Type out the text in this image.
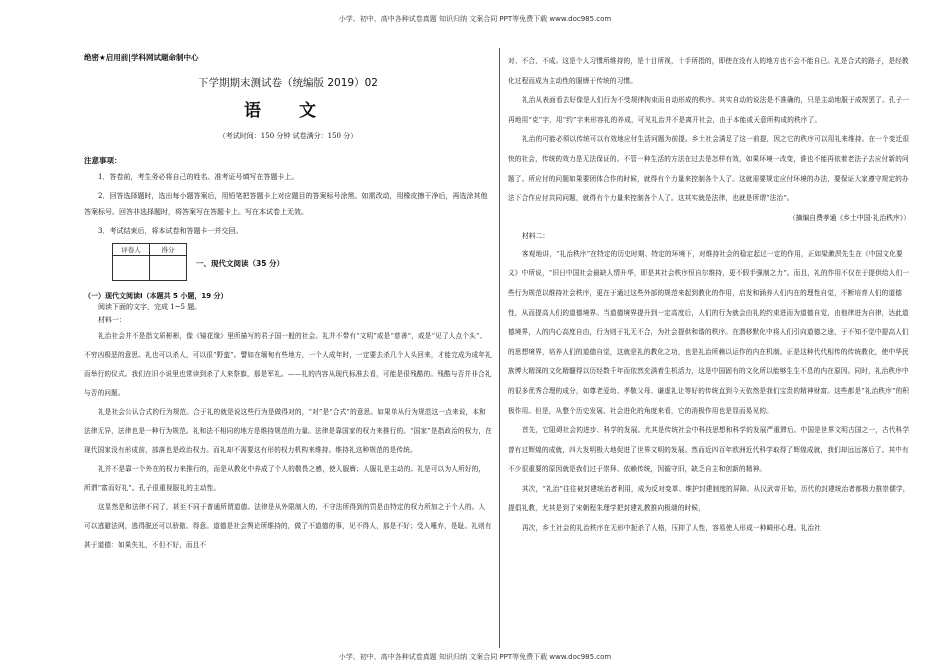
小学、初中、高中各种试卷真题 知识归纳 文案合同 PPT等免费下载 www.doc985.com
绝密★启用前|学科网试题命制中心
下学期期末测试卷（统编版 2019）02
语 文
（考试时间：150 分钟 试卷满分：150 分）
注意事项：

1．答卷前，考生务必将自己的姓名、准考证号填写在答题卡上。

2．回答选择题时，选出每小题答案后，用铅笔把答题卡上对应题目的答案标号涂黑。如需改动，用橡皮擦干净后，再选涂其他答案标号。回答非选择题时，将答案写在答题卡上。写在本试卷上无效。

3．考试结束后，将本试卷和答题卡一并交回。

评卷人	得分

一、现代文阅读（35 分）
（一）现代文阅读Ⅰ（本题共 5 小题，19 分）

阅读下面的文字，完成 1~5 题。

材料一：

礼治社会并不是指文质彬彬，像《镜花缘》里所描写的君子国一般的社会。礼并不带有“文明”或是“慈善”，或是“见了人点个头”、不穷凶极恶的意思。礼也可以杀人，可以很“野蛮”。譬如在缅甸有些地方，一个人成年时，一定要去杀几个人头回来，才能完成为成年礼而举行的仪式。我们在旧小说里也常读到杀了人来祭旗，那是军礼。——礼的内容从现代标准去看，可能是很残酷的。残酷与否并非合礼与否的问题。

礼是社会公认合式的行为规范。合于礼的就是说这些行为是做得对的，“对”是“合式”的意思。如果单从行为规范这一点来说，本和法律无异，法律也是一种行为规范。礼和法不相同的地方是维持规范的力量。法律是靠国家的权力来推行的。“国家”是指政治的权力，在现代国家没有形成前，部落也是政治权力。而礼却不需要这有形的权力机构来维持。维持礼这种规范的是传统。

礼并不是靠一个外在的权力来推行的，而是从教化中养成了个人的敬畏之感，使人服膺；人服礼是主动的。礼是可以为人所好的，所谓“富而好礼”。孔子很重视服礼的主动性。

这显然是和法律不同了，甚至不同于普通所谓道德。法律是从外限制人的，不守法所得到的罚是由特定的权力所加之于个人的。人可以逃避法网，逃得脱还可以骄傲、得意。道德是社会舆论所维持的，做了不道德的事，见不得人，那是不好；受人唾弃，是耻。礼则有甚于道德：如果失礼，不但不好，而且不

对、不合、不成。这是个人习惯所维持的，是十目所视，十手所指的，即使在没有人的地方也不会不能自已。礼是合式的路子，是经教化过程而成为主动性的服膺于传统的习惯。

礼治从表面看去好像是人们行为不受规律拘束而自动形成的秩序。其实自动的说法是不准确的，只是主动地服于成规罢了。孔子一再地用“克”字，用“约”字来形容礼的养成，可见礼治并不是离开社会，由于本能或天意所构成的秩序了。

礼治的可能必须以传统可以有效地应付生活问题为前提。乡土社会满足了这一前提，因之它的秩序可以用礼来维持。在一个变迁很快的社会，传统的效力是无法保证的。不管一种生活的方法在过去是怎样有效，如果环境一改变，谁也不能再依着老法子去应付新的问题了。所应付的问题如果要团体合作的时候，就得有个力量来控制各个人了。这就需要规定应付环境的办法，要保证大家遵守规定的办法下合作应付共同问题，就得有个力量来控制各个人了。这其实就是法律，也就是所谓“法治”。

（摘编自费孝通《乡土中国·礼治秩序》）

材料二：

客观地讲，“礼治秩序”在特定的历史时期、特定的环境下，对维持社会的稳定起过一定的作用，正如梁漱溟先生在《中国文化要义》中所说，“旧日中国社会最缺人情升华，即是其社会秩序恒自尔维持，更不假手强制之力”。而且，礼的作用不仅在于提供给人们一些行为规范以维持社会秩序，更在于通过这些外部的规范来起到教化的作用，启发和涵养人们内在的理性自觉，不断培育人们的道德性，从而提高人们的道德境界。当道德境界提升到一定高度后，人们的行为就会由礼的约束进而为道德自觉，由他律进为自律，达此道德境界，人的内心高度自由，行为则于礼无不合，为社会提供和谐的秩序。在潜移默化中将人们引向道德之途，于不知不觉中提高人们的思想境界，培养人们的道德自觉，这就是礼的教化之功，也是礼治所赖以运作的内在机制。正是这种代代相传的传统教化，使中华民族博大精深的文化精髓得以历经数千年而依然充满着生机活力，这是中国固有的文化所以能够生生不息的内在原因。同时，礼治秩序中的很多优秀合理的成分，如尊老爱幼、孝敬父母、谦虚礼让等好的传统直到今天依然是我们宝贵的精神财富。这些都是“礼治秩序”的积极作用。但是，从整个历史发展、社会进化的角度来看，它的消极作用也是显而易见的。

首先，它阻碍社会的进步、科学的发展。尤其是传统社会中科技思想和科学的发展严重滞后。中国是世界文明古国之一，古代科学曾有过辉煌的成就，四大发明极大地促进了世界文明的发展。然而近四百年欧洲近代科学取得了辉煌成就，我们却远远落后了。其中有不少很重要的原因就是我们过于崇拜、依赖传统，因循守旧，缺乏自主和创新的精神。

其次，“礼治”往往被封建统治者利用，成为反对变革、维护封建制度的屏障。从汉武帝开始，历代的封建统治者都极力推崇儒学，提倡礼教，尤其是到了宋朝程朱理学把封建礼教推向极端的时候，

再次，乡土社会的礼治秩序在无形中扼杀了人格，压抑了人性，容易使人形成一种畸形心理。礼治社

小学、初中、高中各种试卷真题 知识归纳 文案合同 PPT等免费下载 www.doc985.com
